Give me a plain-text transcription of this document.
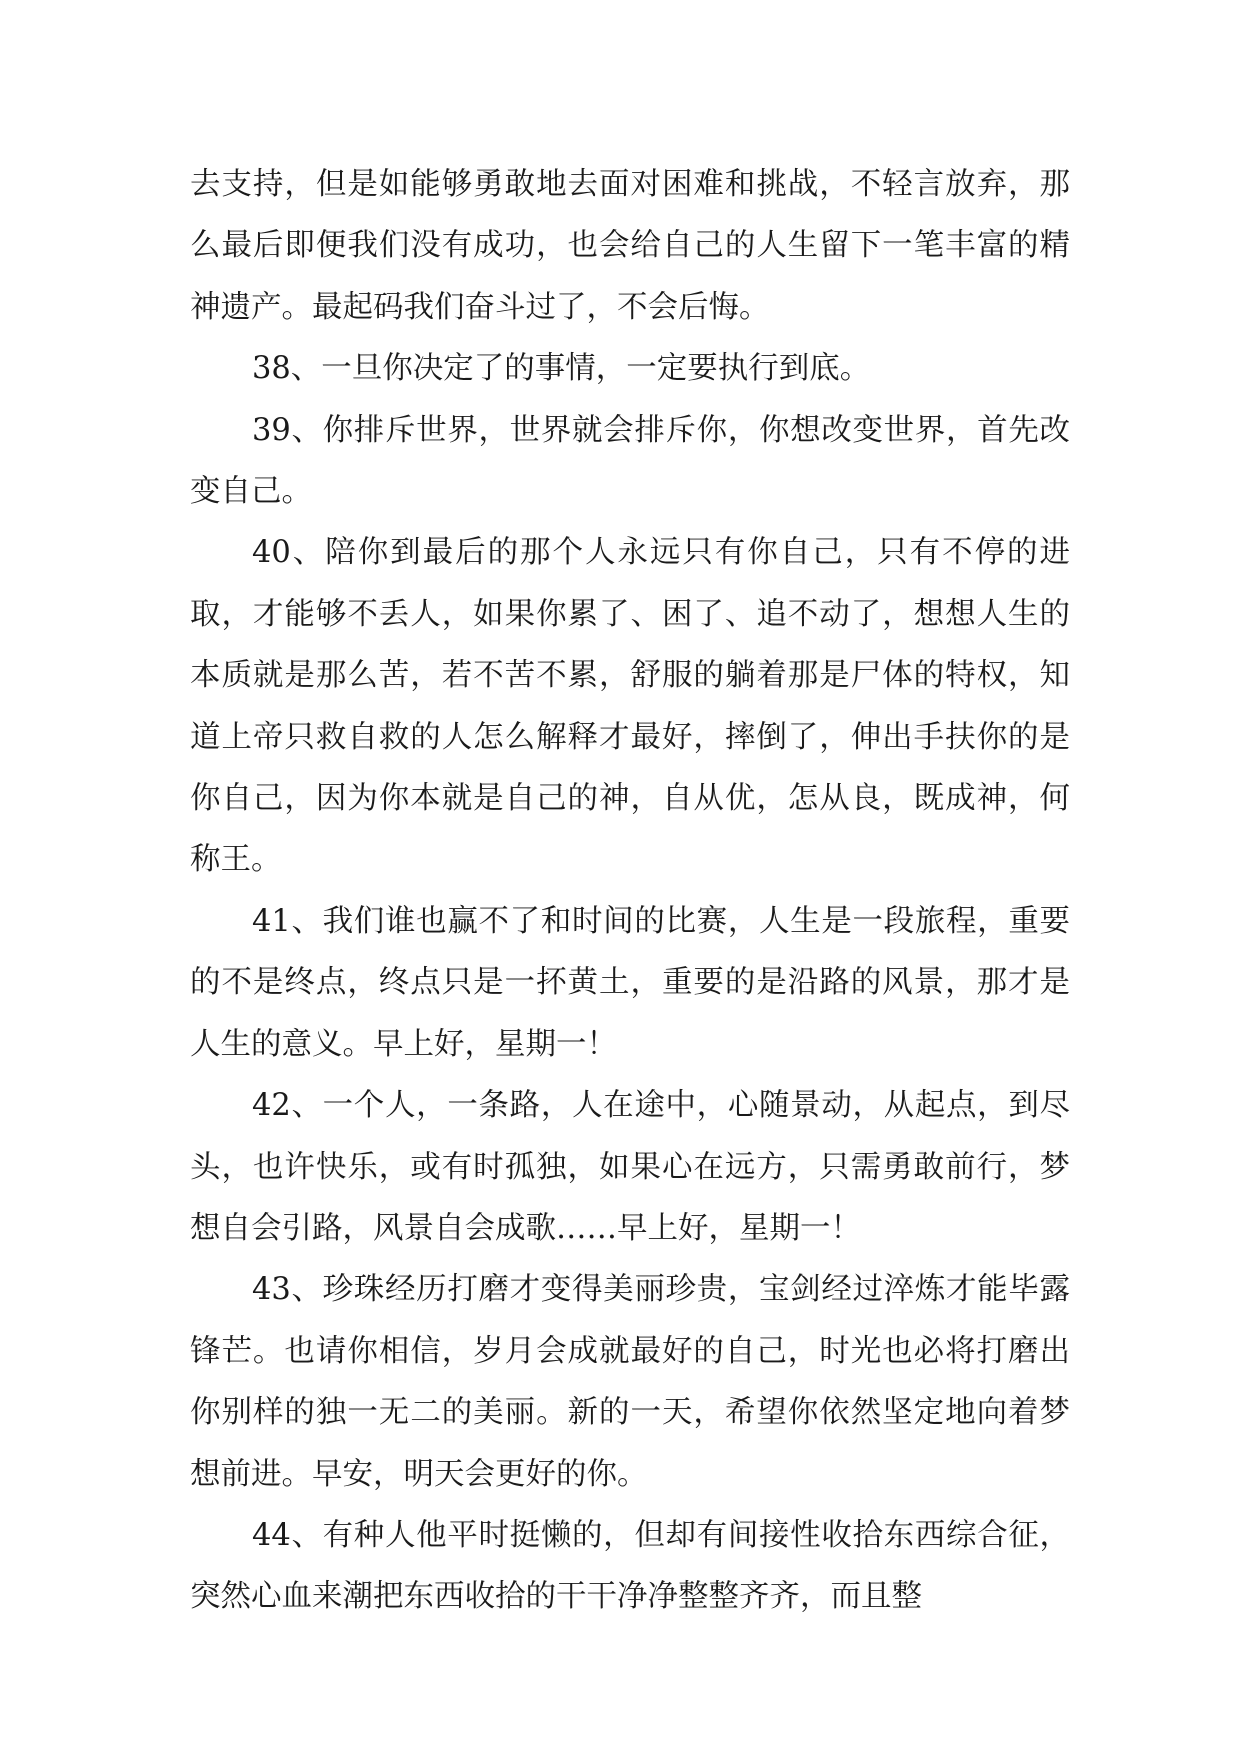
去支持，但是如能够勇敢地去面对困难和挑战，不轻言放弃，那么最后即便我们没有成功，也会给自己的人生留下一笔丰富的精神遗产。最起码我们奋斗过了，不会后悔。

38、一旦你决定了的事情，一定要执行到底。

39、你排斥世界，世界就会排斥你，你想改变世界，首先改变自己。

40、陪你到最后的那个人永远只有你自己，只有不停的进取，才能够不丢人，如果你累了、困了、追不动了，想想人生的本质就是那么苦，若不苦不累，舒服的躺着那是尸体的特权，知道上帝只救自救的人怎么解释才最好，摔倒了，伸出手扶你的是你自己，因为你本就是自己的神，自从优，怎从良，既成神，何称王。

41、我们谁也赢不了和时间的比赛，人生是一段旅程，重要的不是终点，终点只是一抔黄土，重要的是沿路的风景，那才是人生的意义。早上好，星期一！

42、一个人，一条路，人在途中，心随景动，从起点，到尽头，也许快乐，或有时孤独，如果心在远方，只需勇敢前行，梦想自会引路，风景自会成歌……早上好，星期一！

43、珍珠经历打磨才变得美丽珍贵，宝剑经过淬炼才能毕露锋芒。也请你相信，岁月会成就最好的自己，时光也必将打磨出你别样的独一无二的美丽。新的一天，希望你依然坚定地向着梦想前进。早安，明天会更好的你。

44、有种人他平时挺懒的，但却有间接性收拾东西综合征，突然心血来潮把东西收拾的干干净净整整齐齐，而且整
